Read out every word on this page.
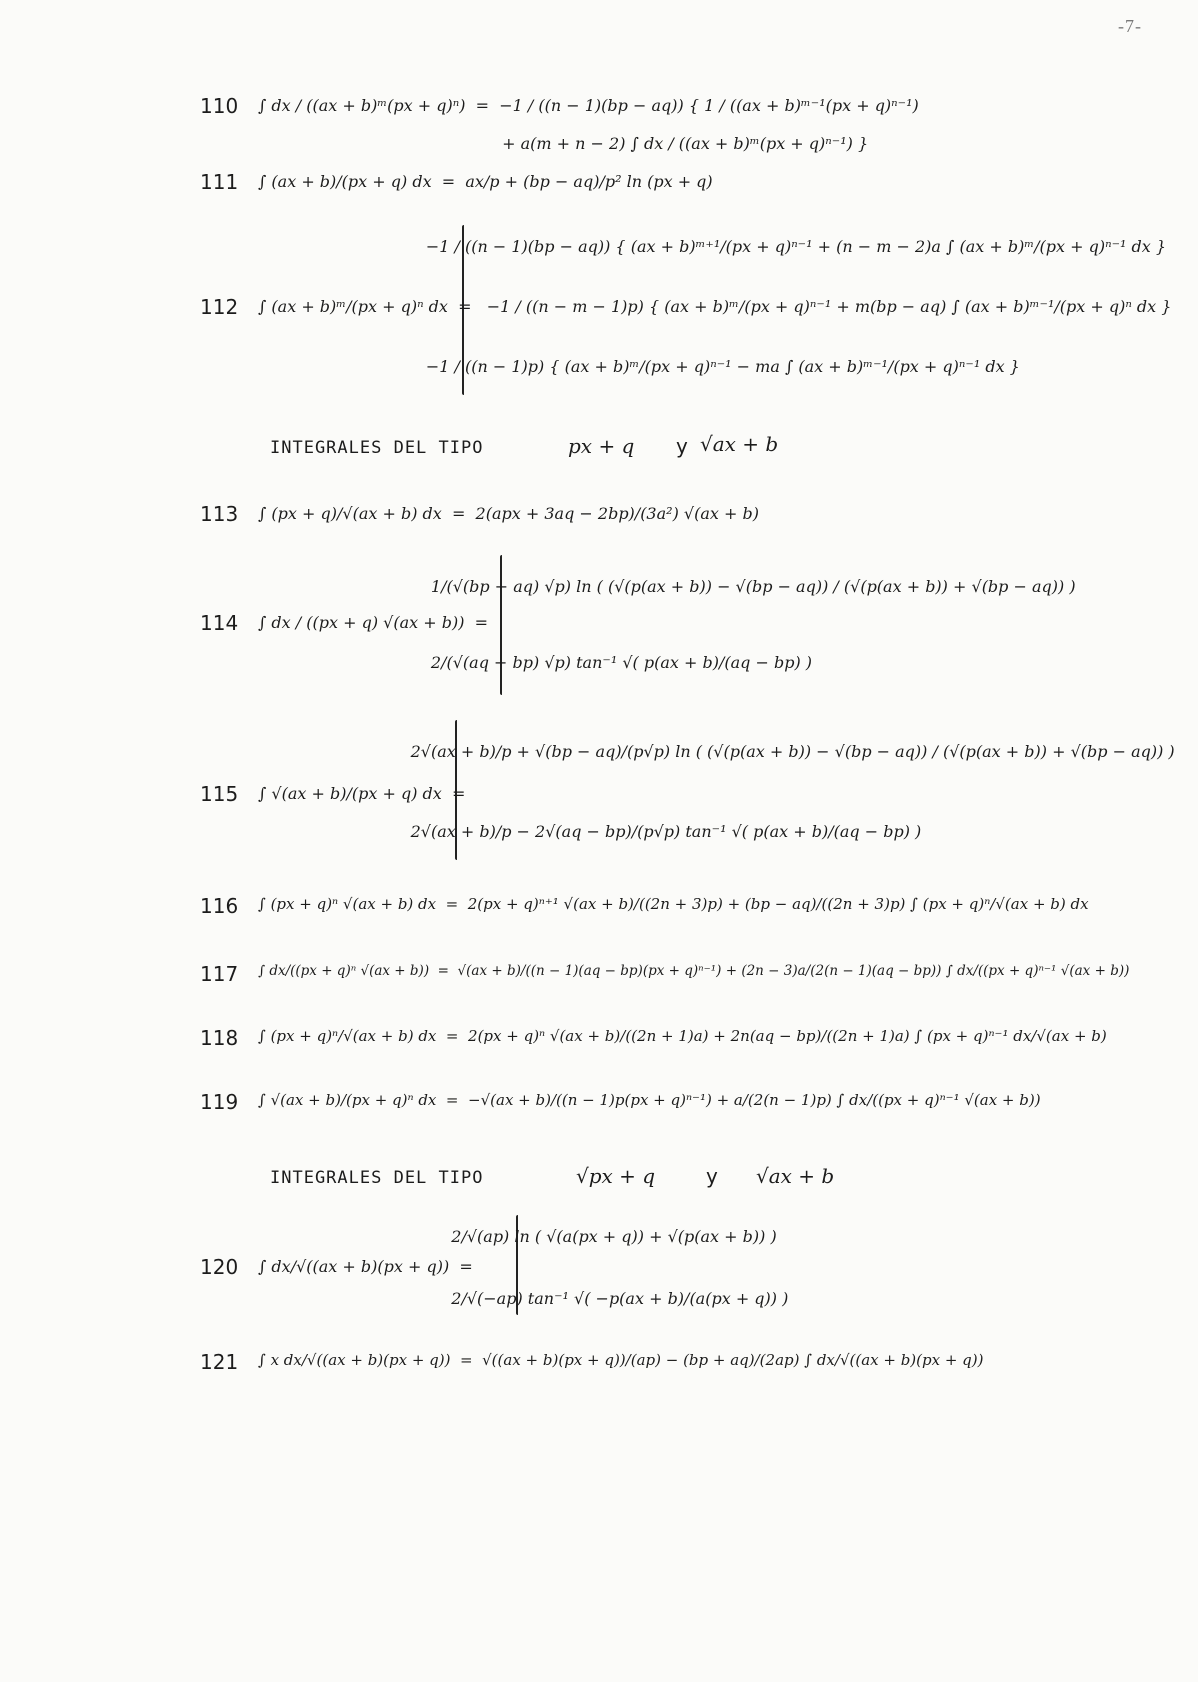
-7-
110 ∫ dx / ((ax + b)ᵐ(px + q)ⁿ)  =  −1 / ((n − 1)(bp − aq)) { 1 / ((ax + b)ᵐ⁻¹(px + q)ⁿ⁻¹)
+ a(m + n − 2) ∫ dx / ((ax + b)ᵐ(px + q)ⁿ⁻¹) }
111 ∫ (ax + b)/(px + q) dx  =  ax/p + (bp − aq)/p² ln (px + q)
112
−1 / ((n − 1)(bp − aq)) { (ax + b)ᵐ⁺¹/(px + q)ⁿ⁻¹ + (n − m − 2)a ∫ (ax + b)ᵐ/(px + q)ⁿ⁻¹ dx }
∫ (ax + b)ᵐ/(px + q)ⁿ dx  =   −1 / ((n − m − 1)p) { (ax + b)ᵐ/(px + q)ⁿ⁻¹ + m(bp − aq) ∫ (ax + b)ᵐ⁻¹/(px + q)ⁿ dx }
−1 / ((n − 1)p) { (ax + b)ᵐ/(px + q)ⁿ⁻¹ − ma ∫ (ax + b)ᵐ⁻¹/(px + q)ⁿ⁻¹ dx }
INTEGRALES DEL TIPO	px + q y √ax + b
113 ∫ (px + q)/√(ax + b) dx  =  2(apx + 3aq − 2bp)/(3a²) √(ax + b)
114
1/(√(bp − aq) √p) ln ( (√(p(ax + b)) − √(bp − aq)) / (√(p(ax + b)) + √(bp − aq)) )
∫ dx / ((px + q) √(ax + b))  =
2/(√(aq − bp) √p) tan⁻¹ √( p(ax + b)/(aq − bp) )
115
2√(ax + b)/p + √(bp − aq)/(p√p) ln ( (√(p(ax + b)) − √(bp − aq)) / (√(p(ax + b)) + √(bp − aq)) )
∫ √(ax + b)/(px + q) dx  =
2√(ax + b)/p − 2√(aq − bp)/(p√p) tan⁻¹ √( p(ax + b)/(aq − bp) )
116 ∫ (px + q)ⁿ √(ax + b) dx  =  2(px + q)ⁿ⁺¹ √(ax + b)/((2n + 3)p) + (bp − aq)/((2n + 3)p) ∫ (px + q)ⁿ/√(ax + b) dx
117 ∫ dx/((px + q)ⁿ √(ax + b))  =  √(ax + b)/((n − 1)(aq − bp)(px + q)ⁿ⁻¹) + (2n − 3)a/(2(n − 1)(aq − bp)) ∫ dx/((px + q)ⁿ⁻¹ √(ax + b))
118 ∫ (px + q)ⁿ/√(ax + b) dx  =  2(px + q)ⁿ √(ax + b)/((2n + 1)a) + 2n(aq − bp)/((2n + 1)a) ∫ (px + q)ⁿ⁻¹ dx/√(ax + b)
119 ∫ √(ax + b)/(px + q)ⁿ dx  =  −√(ax + b)/((n − 1)p(px + q)ⁿ⁻¹) + a/(2(n − 1)p) ∫ dx/((px + q)ⁿ⁻¹ √(ax + b))
INTEGRALES DEL TIPO	√px + q	y √ax + b
120
2/√(ap) ln ( √(a(px + q)) + √(p(ax + b)) )
∫ dx/√((ax + b)(px + q))  =
2/√(−ap) tan⁻¹ √( −p(ax + b)/(a(px + q)) )
121 ∫ x dx/√((ax + b)(px + q))  =  √((ax + b)(px + q))/(ap) − (bp + aq)/(2ap) ∫ dx/√((ax + b)(px + q))
